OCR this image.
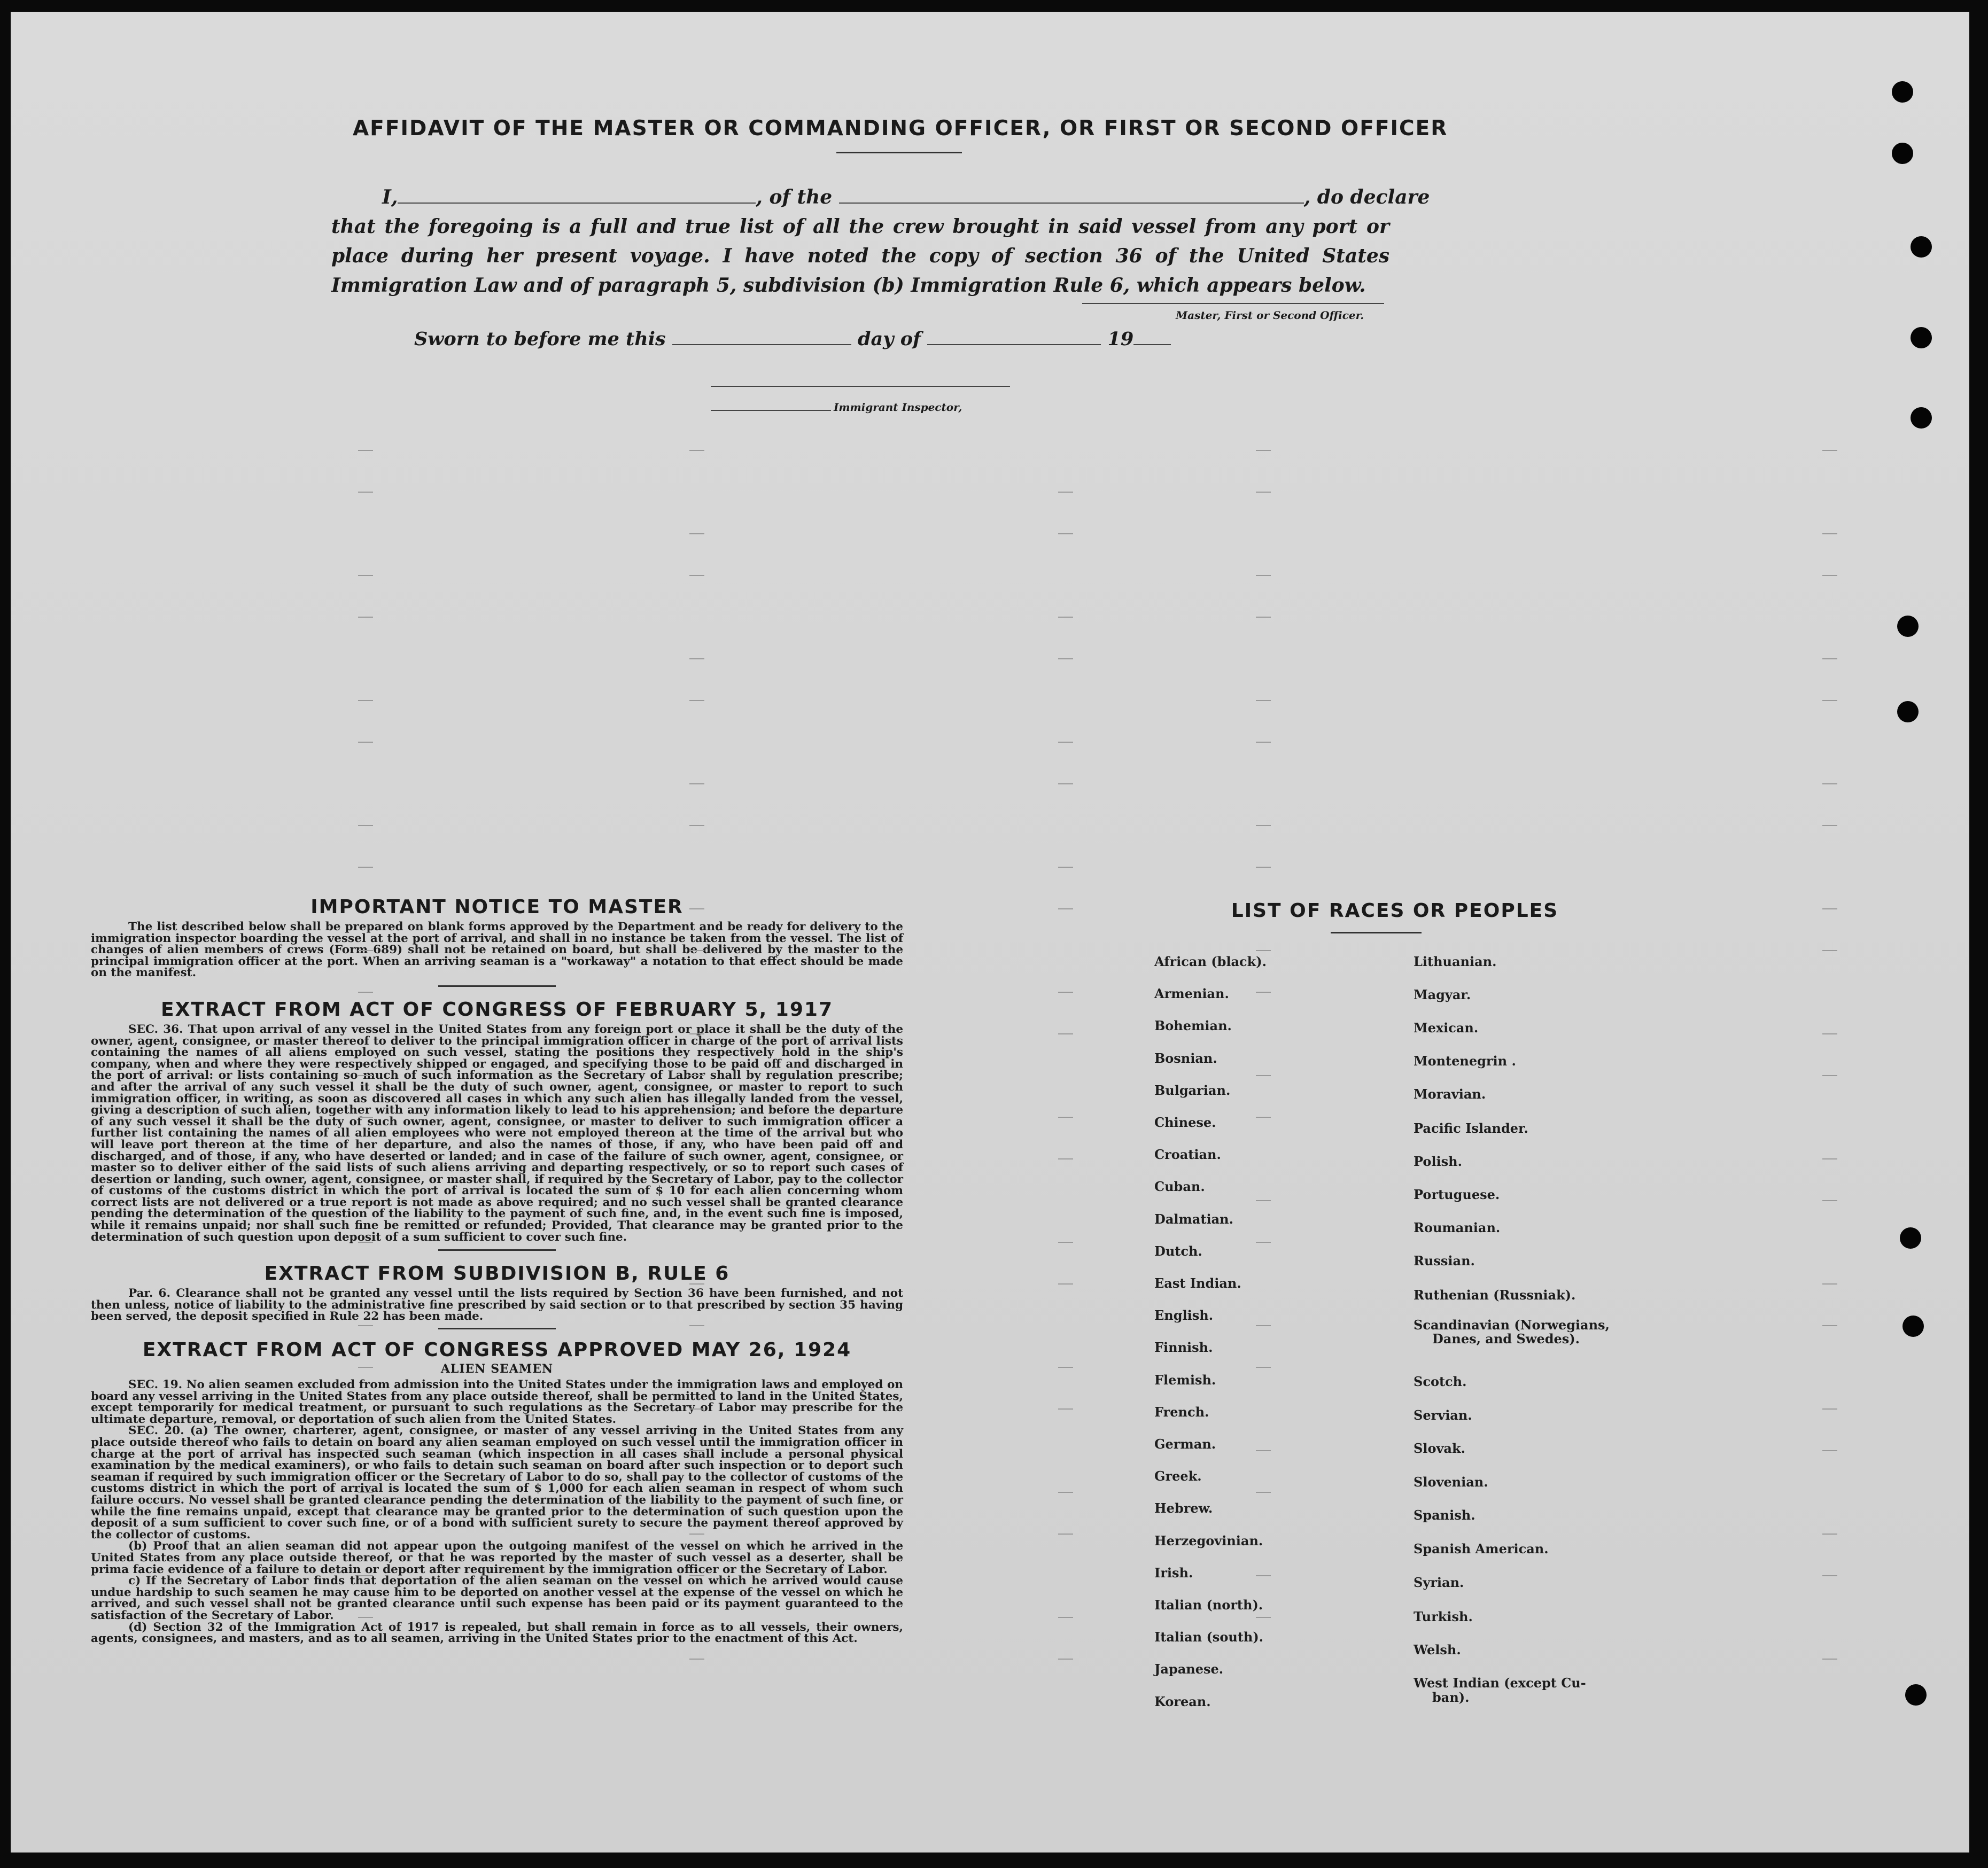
AFFIDAVIT OF THE MASTER OR COMMANDING OFFICER, OR FIRST OR SECOND OFFICER
I,	, of the	, do declare
that the foregoing is a full and true list of all the crew brought in said vessel from any port or place during her present voyage. I have noted the copy of section 36 of the United States Immigration Law and of paragraph 5, subdivision (b) Immigration Rule 6, which appears below.
Master, First or Second Officer.
Sworn to before me this	day of	19
Immigrant Inspector,
IMPORTANT NOTICE TO MASTER

The list described below shall be prepared on blank forms approved by the Department and be ready for delivery to the immigration inspector boarding the vessel at the port of arrival, and shall in no instance be taken from the vessel. The list of changes of alien members of crews (Form 689) shall not be retained on board, but shall be delivered by the master to the principal immigration officer at the port. When an arriving seaman is a "workaway" a notation to that effect should be made on the manifest.

EXTRACT FROM ACT OF CONGRESS OF FEBRUARY 5, 1917

SEC. 36. That upon arrival of any vessel in the United States from any foreign port or place it shall be the duty of the owner, agent, consignee, or master thereof to deliver to the principal immigration officer in charge of the port of arrival lists containing the names of all aliens employed on such vessel, stating the positions they respectively hold in the ship's company, when and where they were respectively shipped or engaged, and specifying those to be paid off and discharged in the port of arrival: or lists containing so much of such information as the Secretary of Labor shall by regulation prescribe; and after the arrival of any such vessel it shall be the duty of such owner, agent, consignee, or master to report to such immigration officer, in writing, as soon as discovered all cases in which any such alien has illegally landed from the vessel, giving a description of such alien, together with any information likely to lead to his apprehension; and before the departure of any such vessel it shall be the duty of such owner, agent, consignee, or master to deliver to such immigration officer a further list containing the names of all alien employees who were not employed thereon at the time of the arrival but who will leave port thereon at the time of her departure, and also the names of those, if any, who have been paid off and discharged, and of those, if any, who have deserted or landed; and in case of the failure of such owner, agent, consignee, or master so to deliver either of the said lists of such aliens arriving and departing respectively, or so to report such cases of desertion or landing, such owner, agent, consignee, or master shall, if required by the Secretary of Labor, pay to the collector of customs of the customs district in which the port of arrival is located the sum of $ 10 for each alien concerning whom correct lists are not delivered or a true report is not made as above required; and no such vessel shall be granted clearance pending the determination of the question of the liability to the payment of such fine, and, in the event such fine is imposed, while it remains unpaid; nor shall such fine be remitted or refunded; Provided, That clearance may be granted prior to the determination of such question upon deposit of a sum sufficient to cover such fine.

EXTRACT FROM SUBDIVISION B, RULE 6

Par. 6. Clearance shall not be granted any vessel until the lists required by Section 36 have been furnished, and not then unless, notice of liability to the administrative fine prescribed by said section or to that prescribed by section 35 having been served, the deposit specified in Rule 22 has been made.

EXTRACT FROM ACT OF CONGRESS APPROVED MAY 26, 1924
ALIEN SEAMEN

SEC. 19. No alien seamen excluded from admission into the United States under the immigration laws and employed on board any vessel arriving in the United States from any place outside thereof, shall be permitted to land in the United States, except temporarily for medical treatment, or pursuant to such regulations as the Secretary of Labor may prescribe for the ultimate departure, removal, or deportation of such alien from the United States.

SEC. 20. (a) The owner, charterer, agent, consignee, or master of any vessel arriving in the United States from any place outside thereof who fails to detain on board any alien seaman employed on such vessel until the immigration officer in charge at the port of arrival has inspected such seaman (which inspection in all cases shall include a personal physical examination by the medical examiners), or who fails to detain such seaman on board after such inspection or to deport such seaman if required by such immigration officer or the Secretary of Labor to do so, shall pay to the collector of customs of the customs district in which the port of arrival is located the sum of $ 1,000 for each alien seaman in respect of whom such failure occurs. No vessel shall be granted clearance pending the determination of the liability to the payment of such fine, or while the fine remains unpaid, except that clearance may be granted prior to the determination of such question upon the deposit of a sum sufficient to cover such fine, or of a bond with sufficient surety to secure the payment thereof approved by the collector of customs.

(b) Proof that an alien seaman did not appear upon the outgoing manifest of the vessel on which he arrived in the United States from any place outside thereof, or that he was reported by the master of such vessel as a deserter, shall be prima facie evidence of a failure to detain or deport after requirement by the immigration officer or the Secretary of Labor.

c) If the Secretary of Labor finds that deportation of the alien seaman on the vessel on which he arrived would cause undue hardship to such seamen he may cause him to be deported on another vessel at the expense of the vessel on which he arrived, and such vessel shall not be granted clearance until such expense has been paid or its payment guaranteed to the satisfaction of the Secretary of Labor.

(d) Section 32 of the Immigration Act of 1917 is repealed, but shall remain in force as to all vessels, their owners, agents, consignees, and masters, and as to all seamen, arriving in the United States prior to the enactment of this Act.

LIST OF RACES OR PEOPLES
African (black).
Armenian.
Bohemian.
Bosnian.
Bulgarian.
Chinese.
Croatian.
Cuban.
Dalmatian.
Dutch.
East Indian.
English.
Finnish.
Flemish.
French.
German.
Greek.
Hebrew.
Herzegovinian.
Irish.
Italian (north).
Italian (south).
Japanese.
Korean.
Lithuanian.
Magyar.
Mexican.
Montenegrin .
Moravian.
Pacific Islander.
Polish.
Portuguese.
Roumanian.
Russian.
Ruthenian (Russniak).
Scandinavian (Norwegians,
Danes, and Swedes).
Scotch.
Servian.
Slovak.
Slovenian.
Spanish.
Spanish American.
Syrian.
Turkish.
Welsh.
West Indian (except Cu-
ban).
